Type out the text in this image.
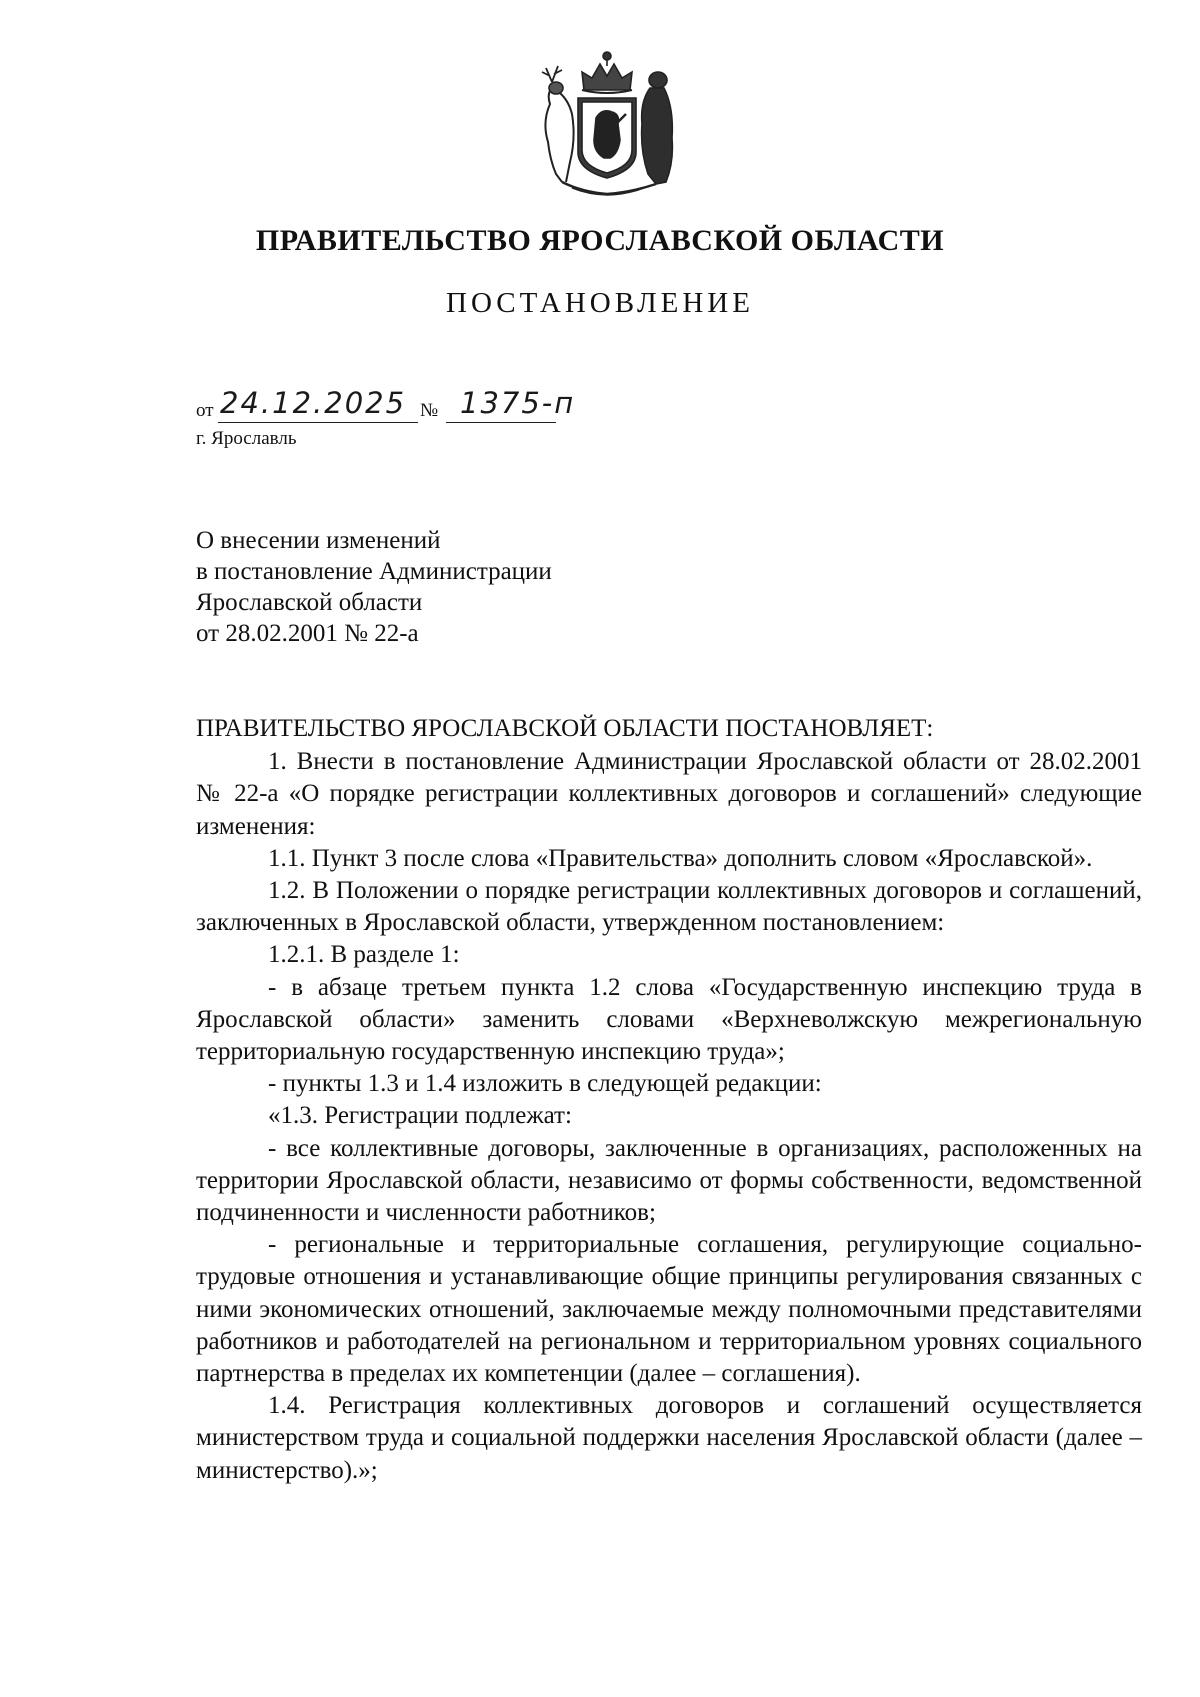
ПРАВИТЕЛЬСТВО ЯРОСЛАВСКОЙ ОБЛАСТИ
ПОСТАНОВЛЕНИЕ
от 24.12.2025 № 1375-п
г. Ярославль
О внесении изменений
в постановление Администрации
Ярославской области
от 28.02.2001 № 22-а

ПРАВИТЕЛЬСТВО ЯРОСЛАВСКОЙ ОБЛАСТИ ПОСТАНОВЛЯЕТ:

1. Внести в постановление Администрации Ярославской области от 28.02.2001 № 22-а «О порядке регистрации коллективных договоров и соглашений» следующие изменения:

1.1. Пункт 3 после слова «Правительства» дополнить словом «Ярославской».

1.2. В Положении о порядке регистрации коллективных договоров и соглашений, заключенных в Ярославской области, утвержденном постановлением:

1.2.1. В разделе 1:

- в абзаце третьем пункта 1.2 слова «Государственную инспекцию труда в Ярославской области» заменить словами «Верхневолжскую межрегиональную территориальную государственную инспекцию труда»;

- пункты 1.3 и 1.4 изложить в следующей редакции:

«1.3. Регистрации подлежат:

- все коллективные договоры, заключенные в организациях, расположенных на территории Ярославской области, независимо от формы собственности, ведомственной подчиненности и численности работников;

- региональные и территориальные соглашения, регулирующие социально-трудовые отношения и устанавливающие общие принципы регулирования связанных с ними экономических отношений, заключаемые между полномочными представителями работников и работодателей на региональном и территориальном уровнях социального партнерства в пределах их компетенции (далее – соглашения).

1.4. Регистрация коллективных договоров и соглашений осуществляется министерством труда и социальной поддержки населения Ярославской области (далее – министерство).»;
